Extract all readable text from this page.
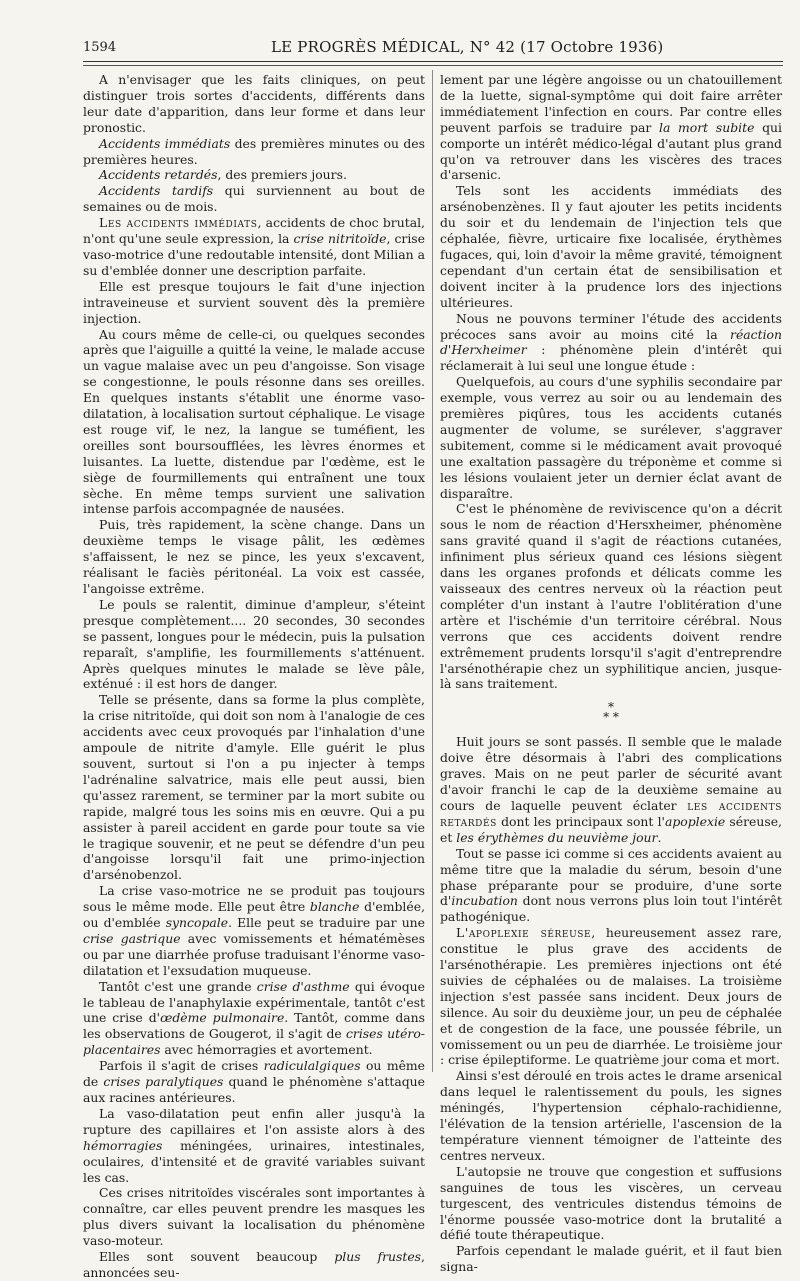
1594	LE PROGRÈS MÉDICAL, N° 42 (17 Octobre 1936)

A n'envisager que les faits cliniques, on peut distinguer trois sortes d'accidents, différents dans leur date d'apparition, dans leur forme et dans leur pronostic.

Accidents immédiats des premières minutes ou des premières heures.

Accidents retardés, des premiers jours.

Accidents tardifs qui surviennent au bout de semaines ou de mois.

Les accidents immédiats, accidents de choc brutal, n'ont qu'une seule expression, la crise nitritoïde, crise vaso-motrice d'une redoutable intensité, dont Milian a su d'emblée donner une description parfaite.

Elle est presque toujours le fait d'une injection intraveineuse et survient souvent dès la première injection.

Au cours même de celle-ci, ou quelques secondes après que l'aiguille a quitté la veine, le malade accuse un vague malaise avec un peu d'angoisse. Son visage se congestionne, le pouls résonne dans ses oreilles. En quelques instants s'établit une énorme vaso-dilatation, à localisation surtout céphalique. Le visage est rouge vif, le nez, la langue se tuméfient, les oreilles sont boursoufflées, les lèvres énormes et luisantes. La luette, distendue par l'œdème, est le siège de fourmillements qui entraînent une toux sèche. En même temps survient une salivation intense parfois accompagnée de nausées.

Puis, très rapidement, la scène change. Dans un deuxième temps le visage pâlit, les œdèmes s'affaissent, le nez se pince, les yeux s'excavent, réalisant le faciès péritonéal. La voix est cassée, l'angoisse extrême.

Le pouls se ralentit, diminue d'ampleur, s'éteint presque complètement.... 20 secondes, 30 secondes se passent, longues pour le médecin, puis la pulsation reparaît, s'amplifie, les fourmillements s'atténuent. Après quelques minutes le malade se lève pâle, exténué : il est hors de danger.

Telle se présente, dans sa forme la plus complète, la crise nitritoïde, qui doit son nom à l'analogie de ces accidents avec ceux provoqués par l'inhalation d'une ampoule de nitrite d'amyle. Elle guérit le plus souvent, surtout si l'on a pu injecter à temps l'adrénaline salvatrice, mais elle peut aussi, bien qu'assez rarement, se terminer par la mort subite ou rapide, malgré tous les soins mis en œuvre. Qui a pu assister à pareil accident en garde pour toute sa vie le tragique souvenir, et ne peut se défendre d'un peu d'angoisse lorsqu'il fait une primo-injection d'arsénobenzol.

La crise vaso-motrice ne se produit pas toujours sous le même mode. Elle peut être blanche d'emblée, ou d'emblée syncopale. Elle peut se traduire par une crise gastrique avec vomissements et hématémèses ou par une diarrhée profuse traduisant l'énorme vaso-dilatation et l'exsudation muqueuse.

Tantôt c'est une grande crise d'asthme qui évoque le tableau de l'anaphylaxie expérimentale, tantôt c'est une crise d'œdème pulmonaire. Tantôt, comme dans les observations de Gougerot, il s'agit de crises utéro-placentaires avec hémorragies et avortement.

Parfois il s'agit de crises radiculalgiques ou même de crises paralytiques quand le phénomène s'attaque aux racines antérieures.

La vaso-dilatation peut enfin aller jusqu'à la rupture des capillaires et l'on assiste alors à des hémorragies méningées, urinaires, intestinales, oculaires, d'intensité et de gravité variables suivant les cas.

Ces crises nitritoïdes viscérales sont importantes à connaître, car elles peuvent prendre les masques les plus divers suivant la localisation du phénomène vaso-moteur.

Elles sont souvent beaucoup plus frustes, annoncées seu-

lement par une légère angoisse ou un chatouillement de la luette, signal-symptôme qui doit faire arrêter immédiatement l'infection en cours. Par contre elles peuvent parfois se traduire par la mort subite qui comporte un intérêt médico-légal d'autant plus grand qu'on va retrouver dans les viscères des traces d'arsenic.

Tels sont les accidents immédiats des arsénobenzènes. Il y faut ajouter les petits incidents du soir et du lendemain de l'injection tels que céphalée, fièvre, urticaire fixe localisée, érythèmes fugaces, qui, loin d'avoir la même gravité, témoignent cependant d'un certain état de sensibilisation et doivent inciter à la prudence lors des injections ultérieures.

Nous ne pouvons terminer l'étude des accidents précoces sans avoir au moins cité la réaction d'Herxheimer : phénomène plein d'intérêt qui réclamerait à lui seul une longue étude :

Quelquefois, au cours d'une syphilis secondaire par exemple, vous verrez au soir ou au lendemain des premières piqûres, tous les accidents cutanés augmenter de volume, se surélever, s'aggraver subitement, comme si le médicament avait provoqué une exaltation passagère du tréponème et comme si les lésions voulaient jeter un dernier éclat avant de disparaître.

C'est le phénomène de reviviscence qu'on a décrit sous le nom de réaction d'Hersxheimer, phénomène sans gravité quand il s'agit de réactions cutanées, infiniment plus sérieux quand ces lésions siègent dans les organes profonds et délicats comme les vaisseaux des centres nerveux où la réaction peut compléter d'un instant à l'autre l'oblitération d'une artère et l'ischémie d'un territoire cérébral. Nous verrons que ces accidents doivent rendre extrêmement prudents lorsqu'il s'agit d'entreprendre l'arsénothérapie chez un syphilitique ancien, jusque-là sans traitement.

*
* *

Huit jours se sont passés. Il semble que le malade doive être désormais à l'abri des complications graves. Mais on ne peut parler de sécurité avant d'avoir franchi le cap de la deuxième semaine au cours de laquelle peuvent éclater les accidents retardés dont les principaux sont l'apoplexie séreuse, et les érythèmes du neuvième jour.

Tout se passe ici comme si ces accidents avaient au même titre que la maladie du sérum, besoin d'une phase préparante pour se produire, d'une sorte d'incubation dont nous verrons plus loin tout l'intérêt pathogénique.

L'apoplexie séreuse, heureusement assez rare, constitue le plus grave des accidents de l'arsénothérapie. Les premières injections ont été suivies de céphalées ou de malaises. La troisième injection s'est passée sans incident. Deux jours de silence. Au soir du deuxième jour, un peu de céphalée et de congestion de la face, une poussée fébrile, un vomissement ou un peu de diarrhée. Le troisième jour : crise épileptiforme. Le quatrième jour coma et mort.

Ainsi s'est déroulé en trois actes le drame arsenical dans lequel le ralentissement du pouls, les signes méningés, l'hypertension céphalo-rachidienne, l'élévation de la tension artérielle, l'ascension de la température viennent témoigner de l'atteinte des centres nerveux.

L'autopsie ne trouve que congestion et suffusions sanguines de tous les viscères, un cerveau turgescent, des ventricules distendus témoins de l'énorme poussée vaso-motrice dont la brutalité a défié toute thérapeutique.

Parfois cependant le malade guérit, et il faut bien signa-
